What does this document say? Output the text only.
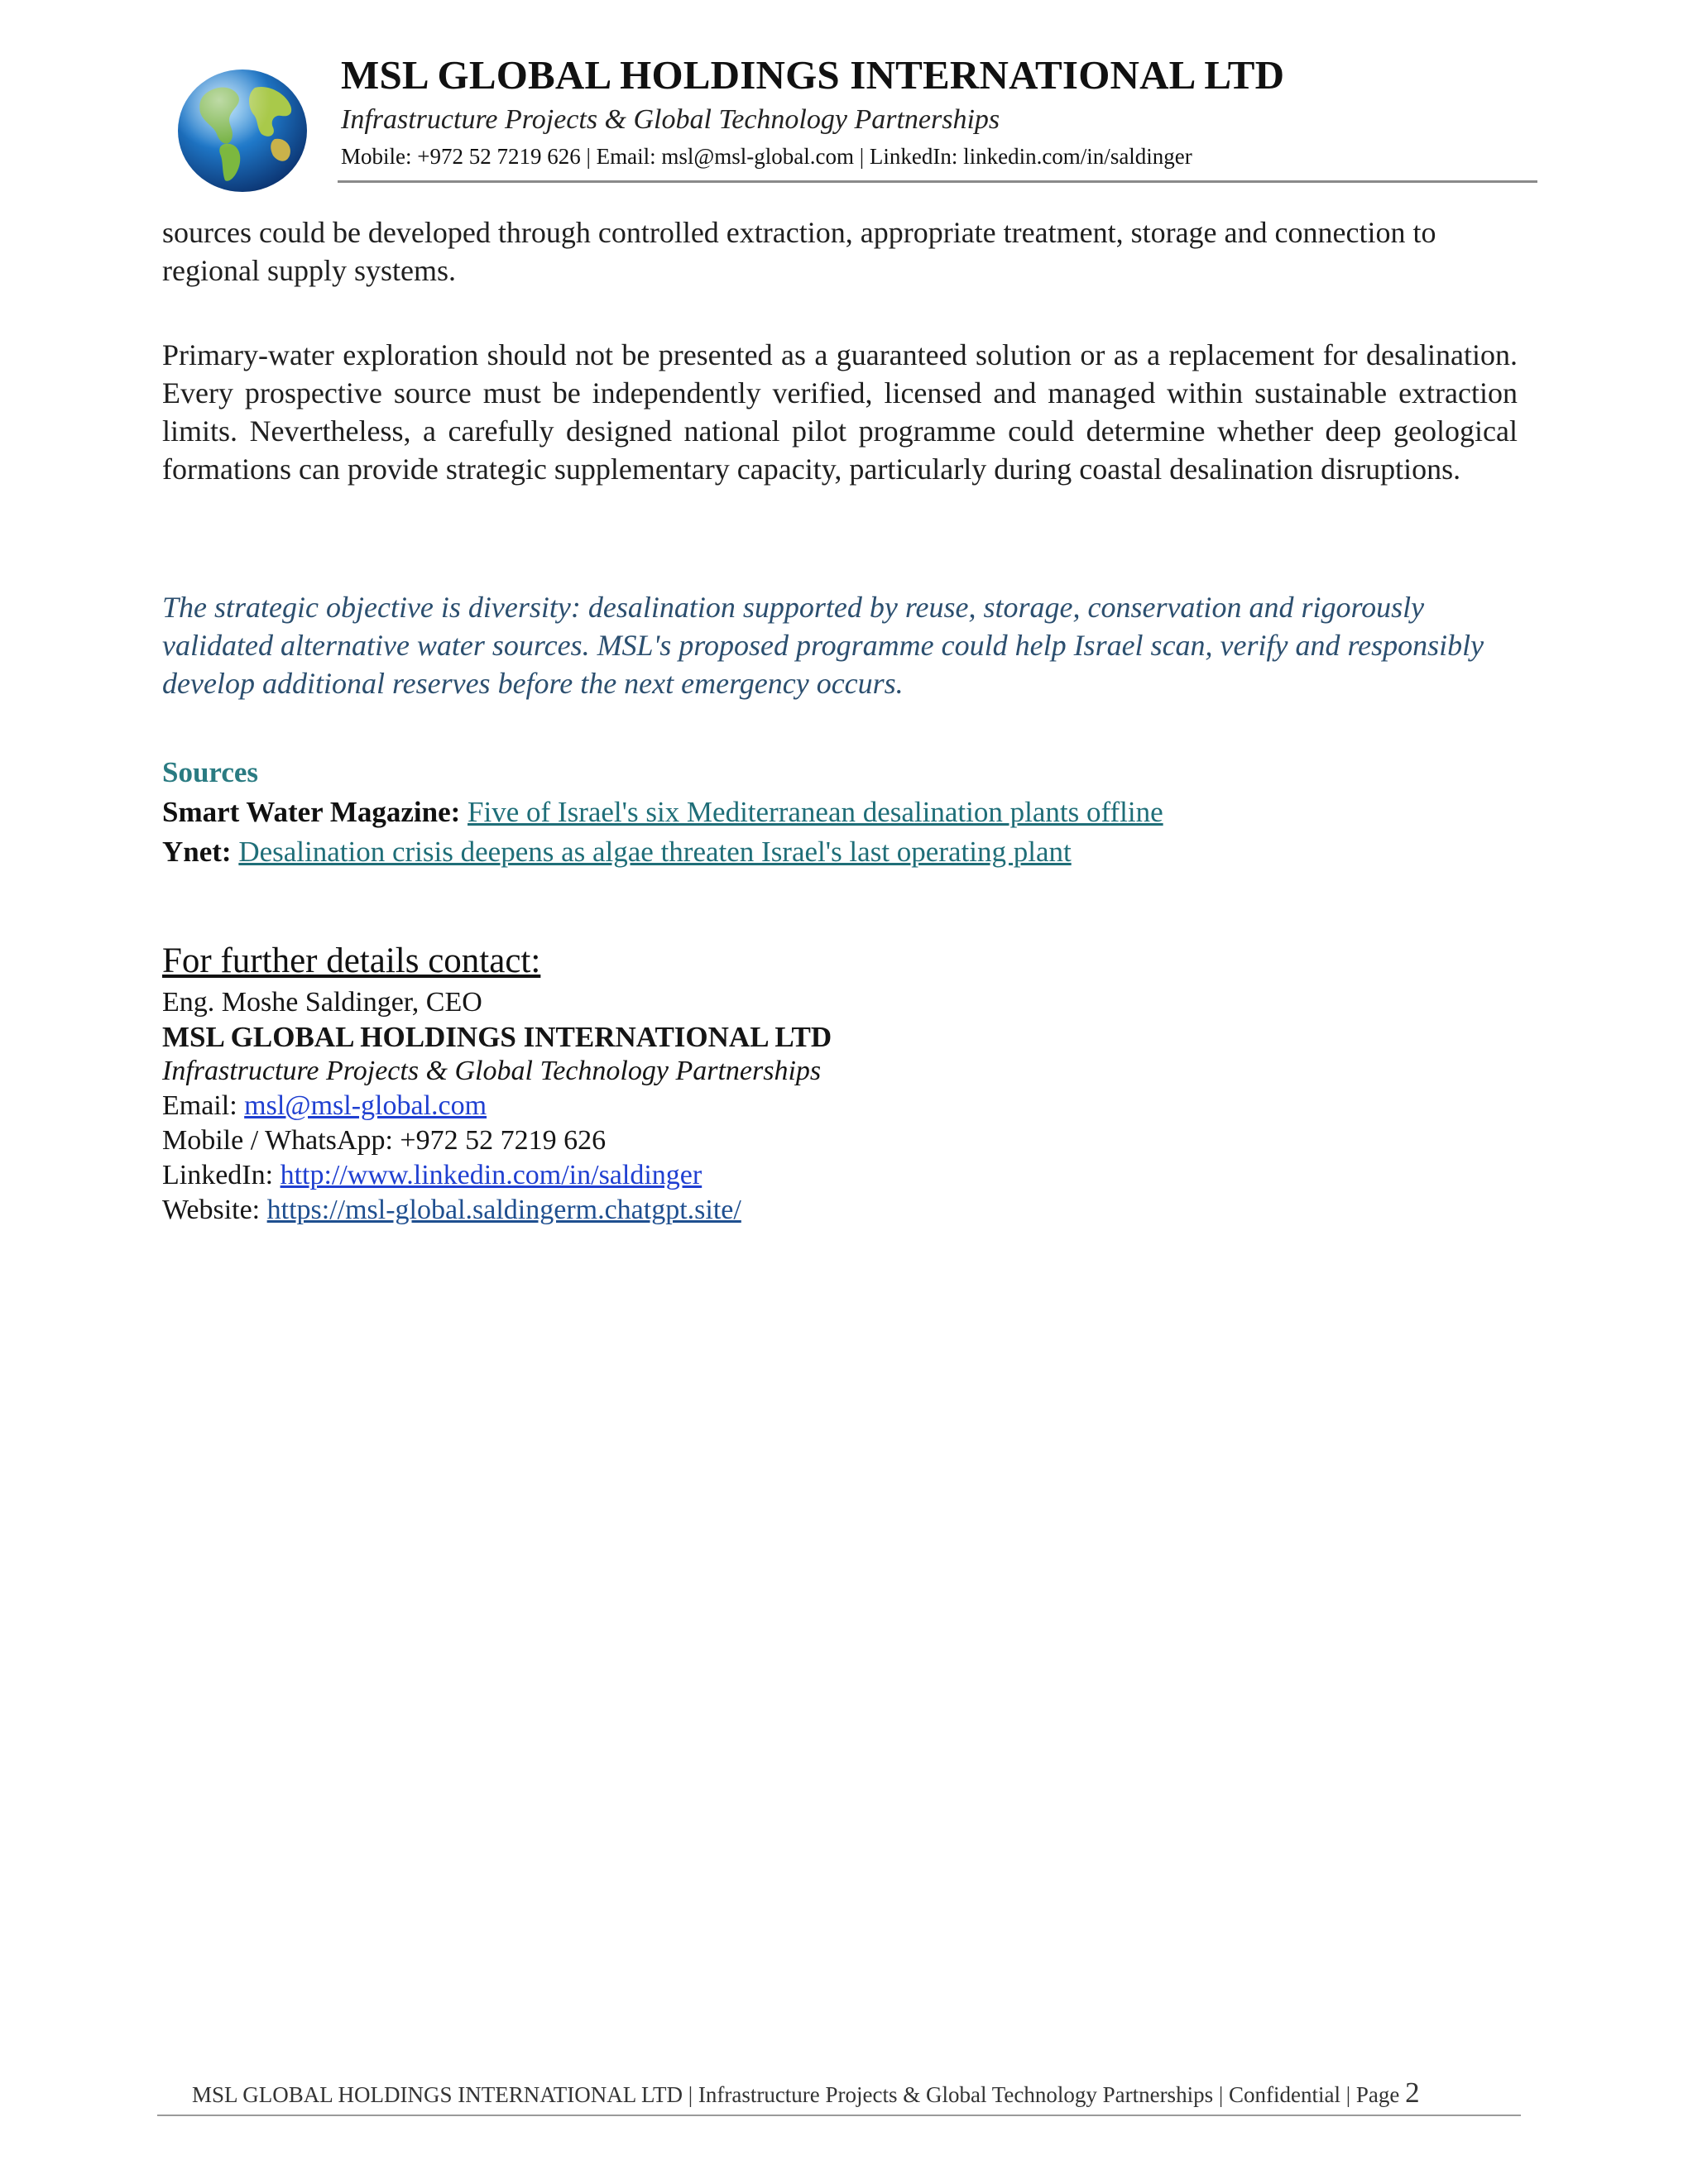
MSL GLOBAL HOLDINGS INTERNATIONAL LTD
Infrastructure Projects & Global Technology Partnerships
Mobile: +972 52 7219 626 | Email: msl@msl-global.com | LinkedIn: linkedin.com/in/saldinger
sources could be developed through controlled extraction, appropriate treatment, storage and connection to regional supply systems.
Primary-water exploration should not be presented as a guaranteed solution or as a replacement for desalination. Every prospective source must be independently verified, licensed and managed within sustainable extraction limits. Nevertheless, a carefully designed national pilot programme could determine whether deep geological formations can provide strategic supplementary capacity, particularly during coastal desalination disruptions.
The strategic objective is diversity: desalination supported by reuse, storage, conservation and rigorously validated alternative water sources. MSL's proposed programme could help Israel scan, verify and responsibly develop additional reserves before the next emergency occurs.
Sources
Smart Water Magazine: Five of Israel's six Mediterranean desalination plants offline
Ynet: Desalination crisis deepens as algae threaten Israel's last operating plant
For further details contact:
Eng. Moshe Saldinger, CEO
MSL GLOBAL HOLDINGS INTERNATIONAL LTD
Infrastructure Projects & Global Technology Partnerships
Email: msl@msl-global.com
Mobile / WhatsApp: +972 52 7219 626
LinkedIn: http://www.linkedin.com/in/saldinger
Website: https://msl-global.saldingerm.chatgpt.site/
MSL GLOBAL HOLDINGS INTERNATIONAL LTD | Infrastructure Projects & Global Technology Partnerships | Confidential | Page 2
